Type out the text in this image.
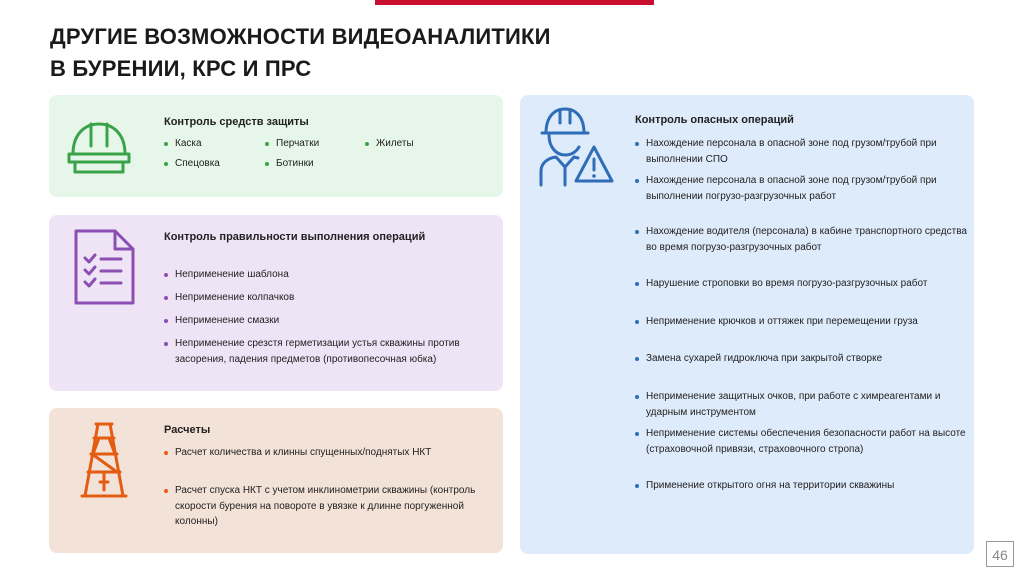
ДРУГИЕ ВОЗМОЖНОСТИ ВИДЕОАНАЛИТИКИ
В БУРЕНИИ, КРС И ПРС
Контроль средств защиты
Каска
Спецовка
Перчатки
Ботинки
Жилеты
Контроль правильности выполнения операций
Неприменение шаблона
Неприменение колпачков
Неприменение смазки
Неприменение срезстя герметизации устья скважины против засорения, падения предметов (противопесочная юбка)
Расчеты
Расчет количества и клинны спущенных/поднятых НКТ
Расчет спуска НКТ с учетом инклинометрии скважины (контроль скорости бурения на повороте в увязке к длинне поргуженной колонны)
Контроль опасных операций
Нахождение персонала в опасной зоне под грузом/трубой при выполнении СПО
Нахождение персонала в опасной зоне под грузом/трубой при выполнении погрузо-разгрузочных работ
Нахождение водителя (персонала) в кабине транспортного средства во время погрузо-разгрузочных работ
Нарушение строповки во время погрузо-разгрузочных работ
Неприменение крючков и оттяжек при перемещении груза
Замена сухарей гидроключа при закрытой створке
Неприменение защитных очков, при работе с химреагентами и ударным инструментом
Неприменение системы обеспечения безопасности работ на высоте (страховочной привязи, страховочного стропа)
Применение открытого огня на территории скважины
46
